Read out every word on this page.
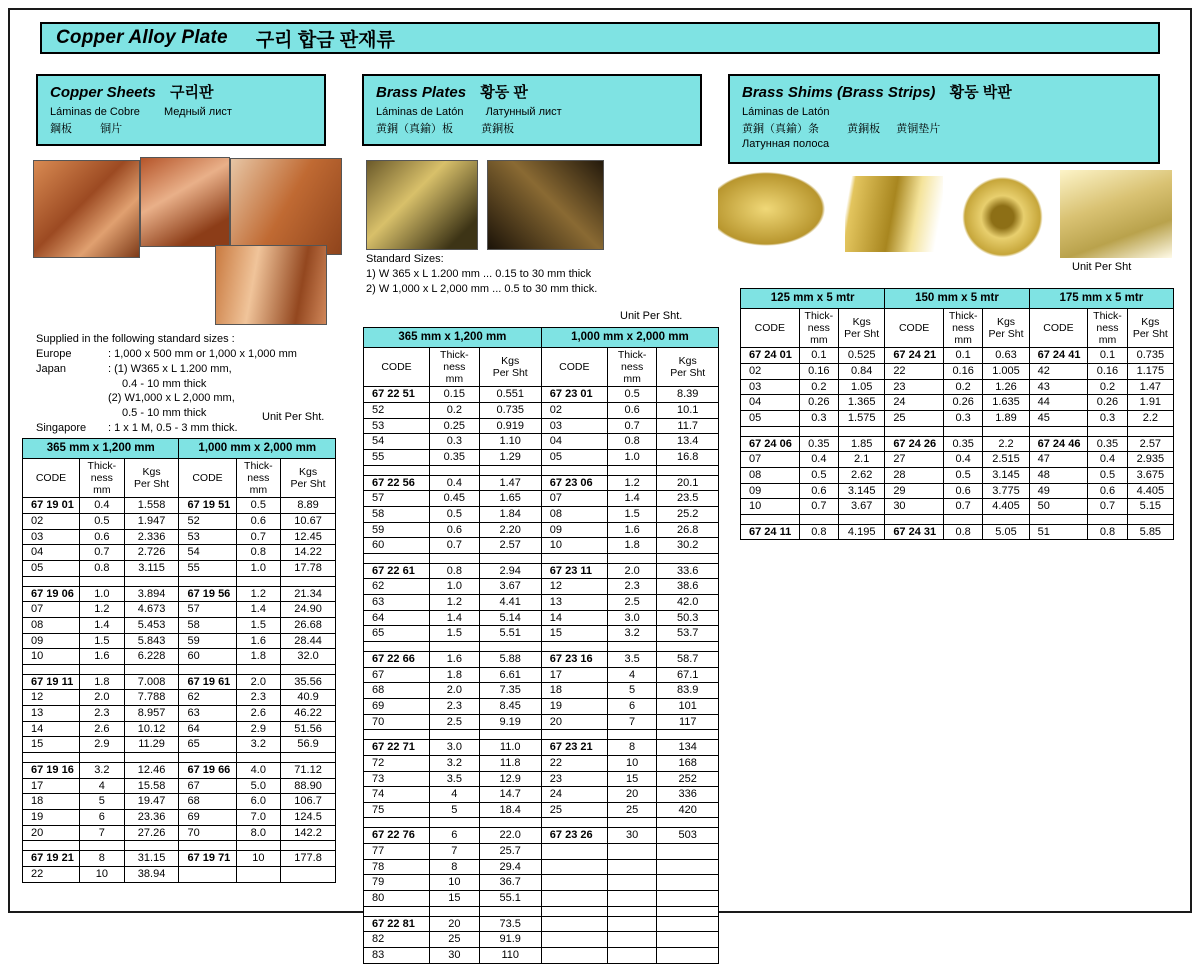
Copper Alloy Plate 구리 합금 판재류
Copper Sheets 구리판
Láminas de Cobre Медный лист
鋼板	铜片
Supplied in the following standard sizes :
Europe	: 1,000 x 500 mm or 1,000 x 1,000 mm
Japan	: (1) W365 x L 1.200 mm,
0.4 - 10 mm thick
(2) W1,000 x L 2,000 mm,
0.5 - 10 mm thick
Singapore	: 1 x 1 M, 0.5 - 3 mm thick.
Unit Per Sht.
365 mm x 1,200 mm			1,000 mm x 2,000 mm		
CODE	Thick-
ness
mm	Kgs
Per Sht	CODE	Thick-
ness
mm	Kgs
Per Sht
67 19 01	0.4	1.558	67 19 51	0.5	8.89
02	0.5	1.947	52	0.6	10.67
03	0.6	2.336	53	0.7	12.45
04	0.7	2.726	54	0.8	14.22
05	0.8	3.115	55	1.0	17.78

67 19 06	1.0	3.894	67 19 56	1.2	21.34
07	1.2	4.673	57	1.4	24.90
08	1.4	5.453	58	1.5	26.68
09	1.5	5.843	59	1.6	28.44
10	1.6	6.228	60	1.8	32.0

67 19 11	1.8	7.008	67 19 61	2.0	35.56
12	2.0	7.788	62	2.3	40.9
13	2.3	8.957	63	2.6	46.22
14	2.6	10.12	64	2.9	51.56
15	2.9	11.29	65	3.2	56.9

67 19 16	3.2	12.46	67 19 66	4.0	71.12
17	4	15.58	67	5.0	88.90
18	5	19.47	68	6.0	106.7
19	6	23.36	69	7.0	124.5
20	7	27.26	70	8.0	142.2

67 19 21	8	31.15	67 19 71	10	177.8
22	10	38.94			
Brass Plates 황동 판
Láminas de Latón Латунный лист
黄銅（真鍮）板	黄銅板
Standard Sizes:
1) W 365 x L 1.200 mm ... 0.15 to 30 mm thick
2) W 1,000 x L 2,000 mm ... 0.5 to 30 mm thick.
Unit Per Sht.
365 mm x 1,200 mm			1,000 mm x 2,000 mm		
CODE	Thick-
ness
mm	Kgs
Per Sht	CODE	Thick-
ness
mm	Kgs
Per Sht
67 22 51	0.15	0.551	67 23 01	0.5	8.39
52	0.2	0.735	02	0.6	10.1
53	0.25	0.919	03	0.7	11.7
54	0.3	1.10	04	0.8	13.4
55	0.35	1.29	05	1.0	16.8

67 22 56	0.4	1.47	67 23 06	1.2	20.1
57	0.45	1.65	07	1.4	23.5
58	0.5	1.84	08	1.5	25.2
59	0.6	2.20	09	1.6	26.8
60	0.7	2.57	10	1.8	30.2

67 22 61	0.8	2.94	67 23 11	2.0	33.6
62	1.0	3.67	12	2.3	38.6
63	1.2	4.41	13	2.5	42.0
64	1.4	5.14	14	3.0	50.3
65	1.5	5.51	15	3.2	53.7

67 22 66	1.6	5.88	67 23 16	3.5	58.7
67	1.8	6.61	17	4	67.1
68	2.0	7.35	18	5	83.9
69	2.3	8.45	19	6	101
70	2.5	9.19	20	7	117

67 22 71	3.0	11.0	67 23 21	8	134
72	3.2	11.8	22	10	168
73	3.5	12.9	23	15	252
74	4	14.7	24	20	336
75	5	18.4	25	25	420

67 22 76	6	22.0	67 23 26	30	503
77	7	25.7			
78	8	29.4			
79	10	36.7			
80	15	55.1			

67 22 81	20	73.5			
82	25	91.9			
83	30	110			
Brass Shims (Brass Strips) 황동 박판
Láminas de Latón
黄銅（真鍮）条	黄銅板 黄铜垫片
Латунная полоса
Unit Per Sht
125 mm x 5 mtr			150 mm x 5 mtr			175 mm x 5 mtr		
CODE	Thick-
ness
mm	Kgs
Per Sht	CODE	Thick-
ness
mm	Kgs
Per Sht	CODE	Thick-
ness
mm	Kgs
Per Sht
67 24 01	0.1	0.525	67 24 21	0.1	0.63	67 24 41	0.1	0.735
02	0.16	0.84	22	0.16	1.005	42	0.16	1.175
03	0.2	1.05	23	0.2	1.26	43	0.2	1.47
04	0.26	1.365	24	0.26	1.635	44	0.26	1.91
05	0.3	1.575	25	0.3	1.89	45	0.3	2.2

67 24 06	0.35	1.85	67 24 26	0.35	2.2	67 24 46	0.35	2.57
07	0.4	2.1	27	0.4	2.515	47	0.4	2.935
08	0.5	2.62	28	0.5	3.145	48	0.5	3.675
09	0.6	3.145	29	0.6	3.775	49	0.6	4.405
10	0.7	3.67	30	0.7	4.405	50	0.7	5.15

67 24 11	0.8	4.195	67 24 31	0.8	5.05	51	0.8	5.85
